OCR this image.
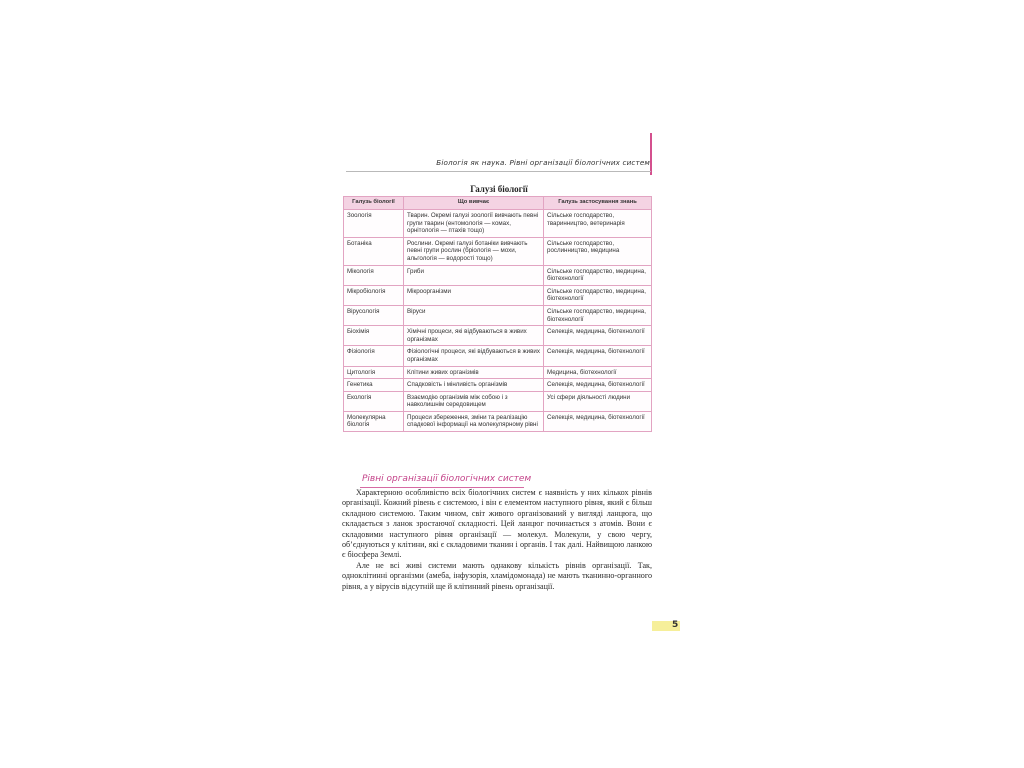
Біологія як наука. Рівні організації біологічних систем
Галузі біології
Галузь біології	Що вивчає	Галузь застосування знань
Зоологія	Тварин. Окремі галузі зоології вивчають певні групи тварин (ентомологія — комах, орнітологія — птахів тощо)	Сільське господарство, тваринництво, ветеринарія
Ботаніка	Рослини. Окремі галузі ботаніки вивчають певні групи рослин (бріологія — мохи, альгологія — водорості тощо)	Сільське господарство, рослинництво, медицина
Мікологія	Гриби	Сільське господарство, медицина, біотехнології
Мікробіологія	Мікроорганізми	Сільське господарство, медицина, біотехнології
Вірусологія	Віруси	Сільське господарство, медицина, біотехнології
Біохімія	Хімічні процеси, які відбуваються в живих організмах	Селекція, медицина, біотехнології
Фізіологія	Фізіологічні процеси, які відбуваються в живих організмах	Селекція, медицина, біотехнології
Цитологія	Клітини живих організмів	Медицина, біотехнології
Генетика	Спадковість і мінливість організмів	Селекція, медицина, біотехнології
Екологія	Взаємодію організмів між собою і з навколишнім середовищем	Усі сфери діяльності людини
Молекулярна біологія	Процеси збереження, зміни та реалізацію спадкової інформації на молекулярному рівні	Селекція, медицина, біотехнології
Рівні організації біологічних систем

Характерною особливістю всіх біологічних систем є наявність у них кількох рівнів організації. Кожний рівень є системою, і він є елементом наступного рівня, який є більш складною системою. Таким чином, світ живого організований у вигляді ланцюга, що складається з ланок зростаючої складності. Цей ланцюг починається з атомів. Вони є складовими наступного рівня організації — молекул. Молекули, у свою чергу, об’єднуються у клітини, які є складовими тканин і органів. І так далі. Найвищою ланкою є біосфера Землі.

Але не всі живі системи мають однакову кількість рівнів організації. Так, одноклітинні організми (амеба, інфузорія, хламідомонада) не мають тканинно-органного рівня, а у вірусів відсутній ще й клітинний рівень організації.

5
